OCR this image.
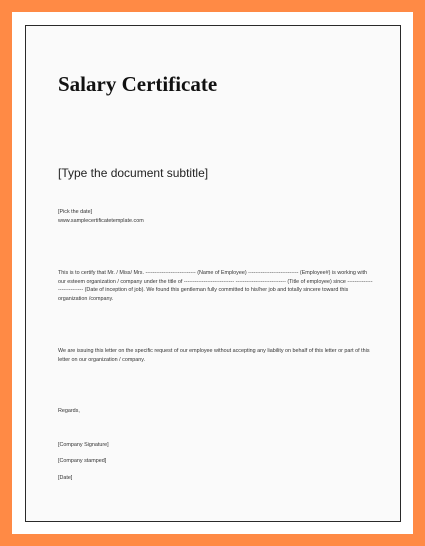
Salary Certificate
[Type the document subtitle]
[Pick the date]
www.samplecertificatetemplate.com
This is to certify that Mr. / Miss/ Mrs. ---------------------------- (Name of Employee) ---------------------------- (Employee#) is working with our esteem organization / company under the title of ---------------------------- ---------------------------- (Title of employee) since ---------------------------- (Date of inception of job). We found this gentleman fully committed to his/her job and totally sincere toward this organization /company.
We are issuing this letter on the specific request of our employee without accepting any liability on behalf of this letter or part of this letter on our organization / company.
Regards,
[Company Signature]
[Company stamped]
[Date]
